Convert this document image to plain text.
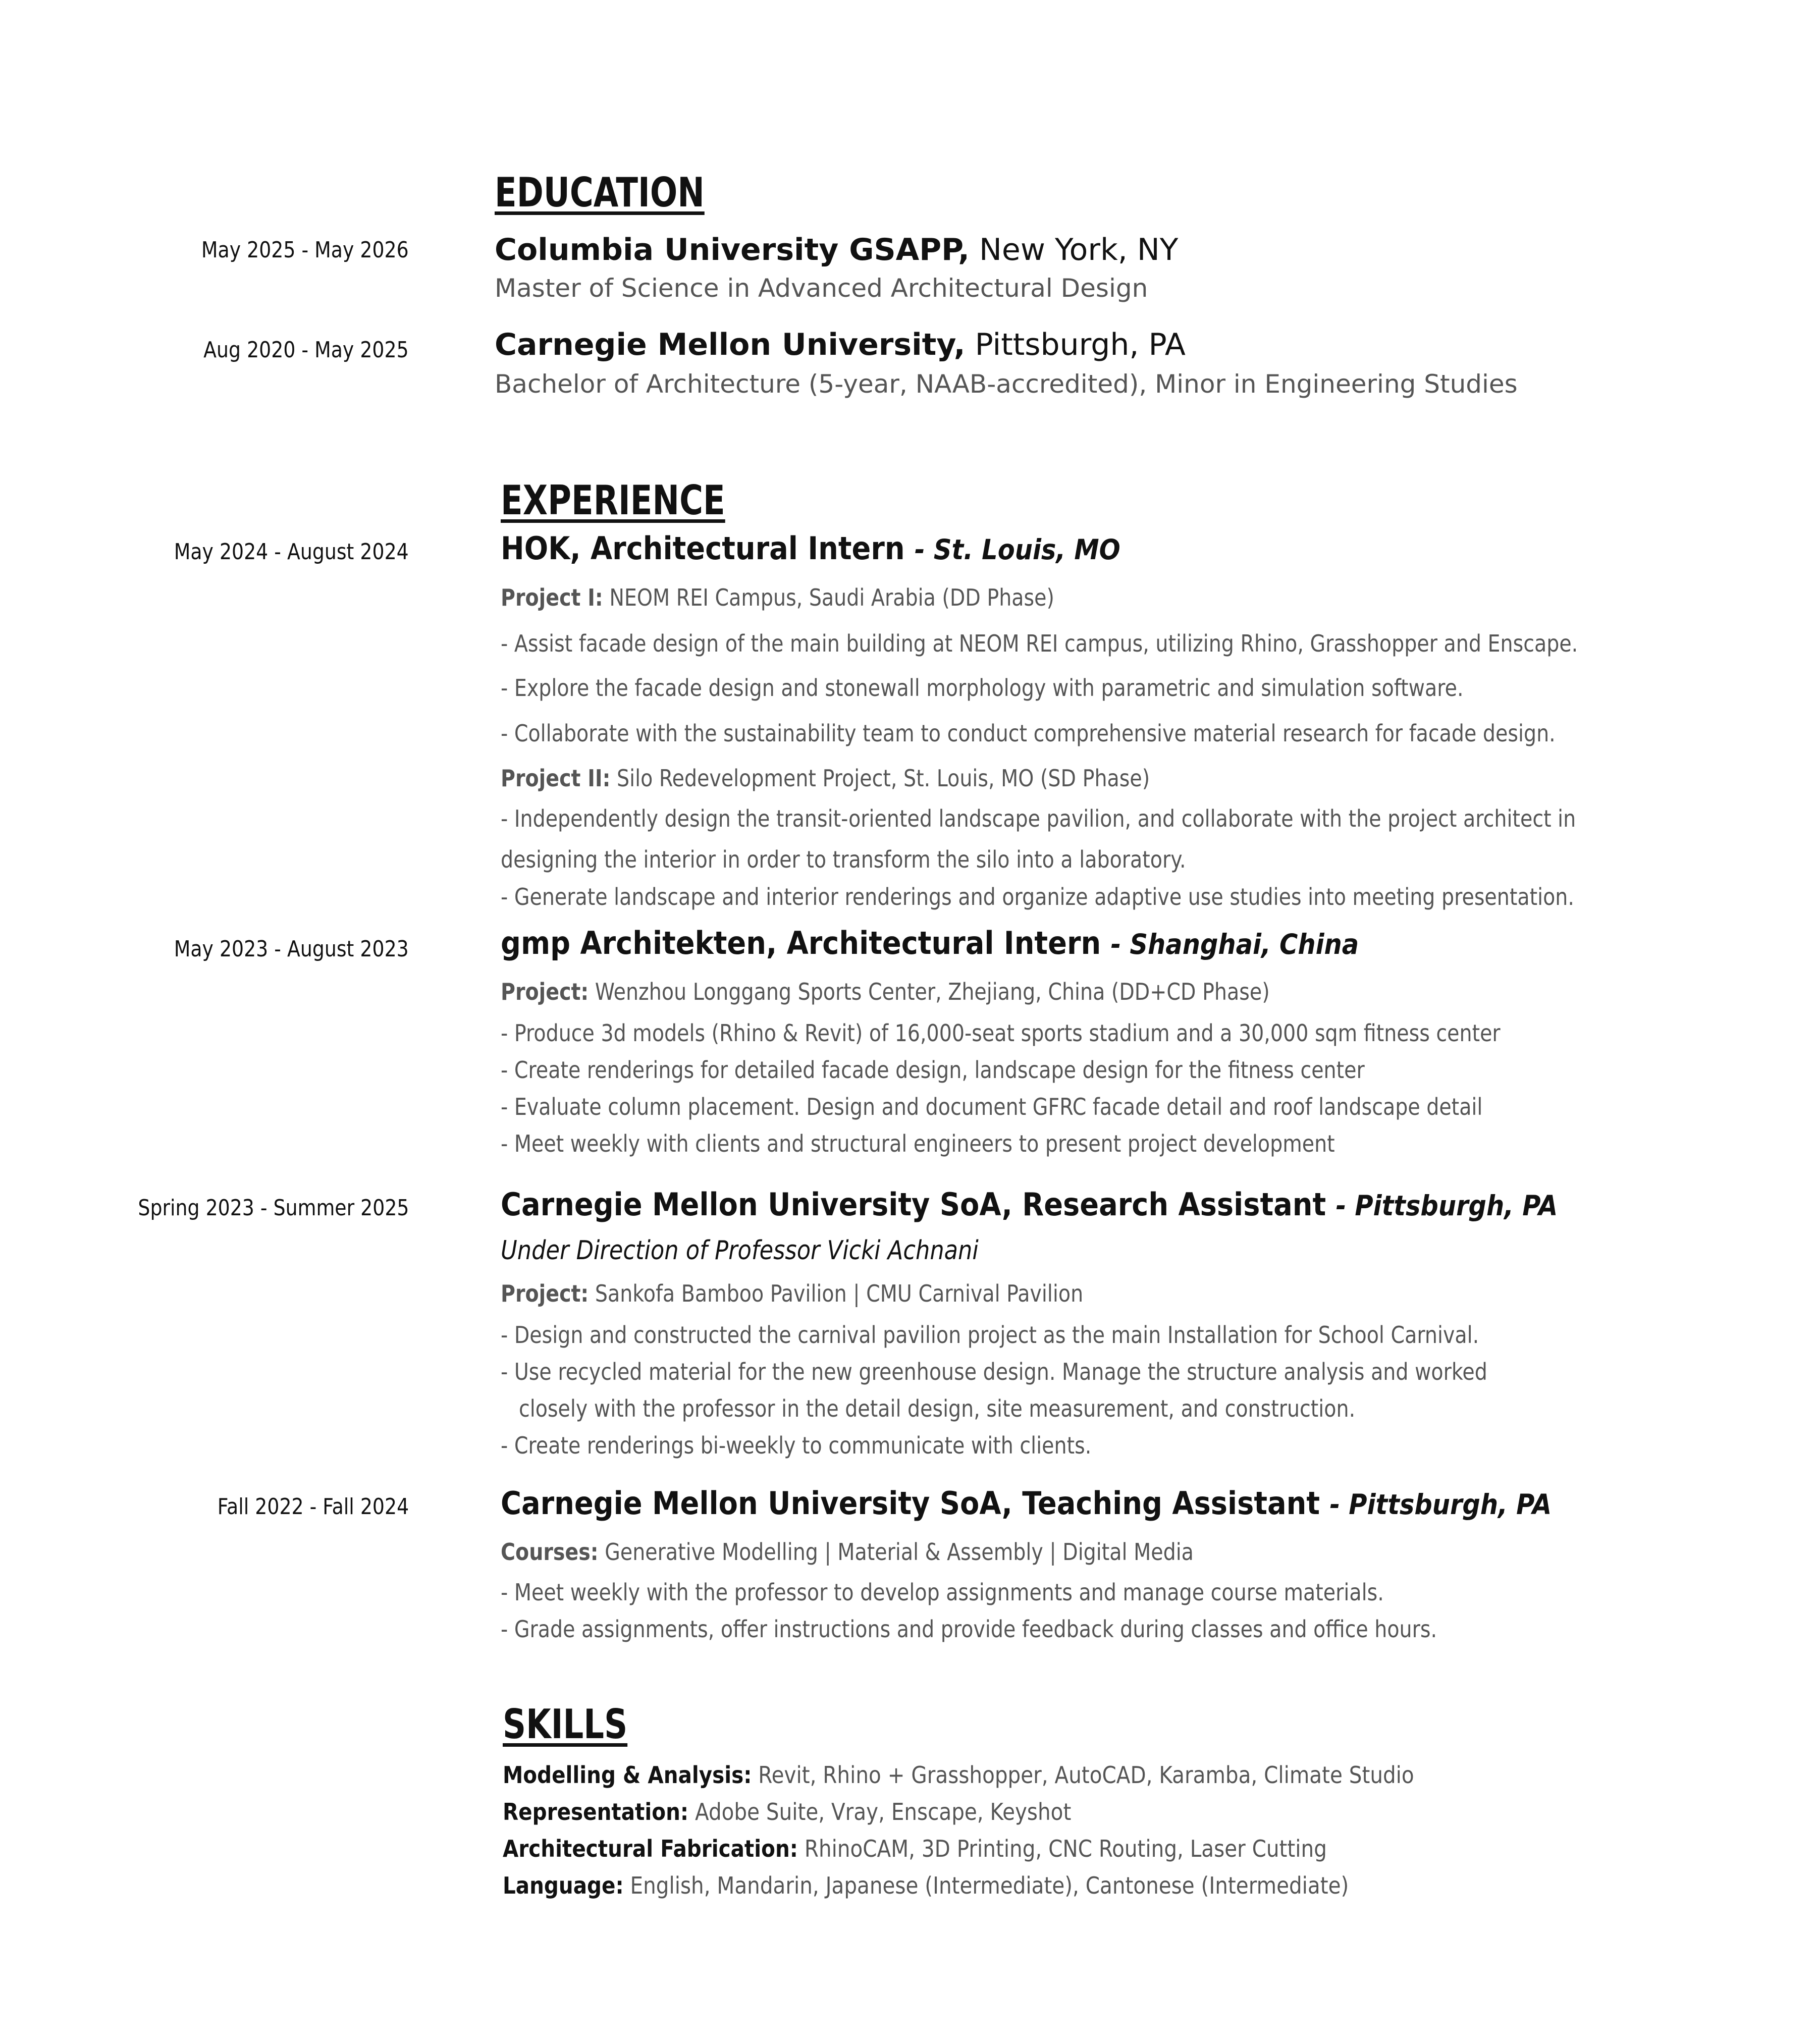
EDUCATION
May 2025 - May 2026	Columbia University GSAPP, New York, NY
Master of Science in Advanced Architectural Design
Aug 2020 - May 2025	Carnegie Mellon University, Pittsburgh, PA
Bachelor of Architecture (5-year, NAAB-accredited), Minor in Engineering Studies
EXPERIENCE
May 2024 - August 2024	HOK, Architectural Intern - St. Louis, MO
Project I: NEOM REI Campus, Saudi Arabia (DD Phase)
- Assist facade design of the main building at NEOM REI campus, utilizing Rhino, Grasshopper and Enscape.
- Explore the facade design and stonewall morphology with parametric and simulation software.
- Collaborate with the sustainability team to conduct comprehensive material research for facade design.
Project II: Silo Redevelopment Project, St. Louis, MO (SD Phase)
- Independently design the transit-oriented landscape pavilion, and collaborate with the project architect in
designing the interior in order to transform the silo into a laboratory.
- Generate landscape and interior renderings and organize adaptive use studies into meeting presentation.
May 2023 - August 2023	gmp Architekten, Architectural Intern - Shanghai, China
Project: Wenzhou Longgang Sports Center, Zhejiang, China (DD+CD Phase)
- Produce 3d models (Rhino & Revit) of 16,000-seat sports stadium and a 30,000 sqm fitness center
- Create renderings for detailed facade design, landscape design for the fitness center
- Evaluate column placement. Design and document GFRC facade detail and roof landscape detail
- Meet weekly with clients and structural engineers to present project development
Spring 2023 - Summer 2025	Carnegie Mellon University SoA, Research Assistant - Pittsburgh, PA
Under Direction of Professor Vicki Achnani
Project: Sankofa Bamboo Pavilion | CMU Carnival Pavilion
- Design and constructed the carnival pavilion project as the main Installation for School Carnival.
- Use recycled material for the new greenhouse design. Manage the structure analysis and worked
closely with the professor in the detail design, site measurement, and construction.
- Create renderings bi-weekly to communicate with clients.
Fall 2022 - Fall 2024	Carnegie Mellon University SoA, Teaching Assistant - Pittsburgh, PA
Courses: Generative Modelling | Material & Assembly | Digital Media
- Meet weekly with the professor to develop assignments and manage course materials.
- Grade assignments, offer instructions and provide feedback during classes and office hours.
SKILLS
Modelling & Analysis: Revit, Rhino + Grasshopper, AutoCAD, Karamba, Climate Studio
Representation: Adobe Suite, Vray, Enscape, Keyshot
Architectural Fabrication: RhinoCAM, 3D Printing, CNC Routing, Laser Cutting
Language: English, Mandarin, Japanese (Intermediate), Cantonese (Intermediate)
